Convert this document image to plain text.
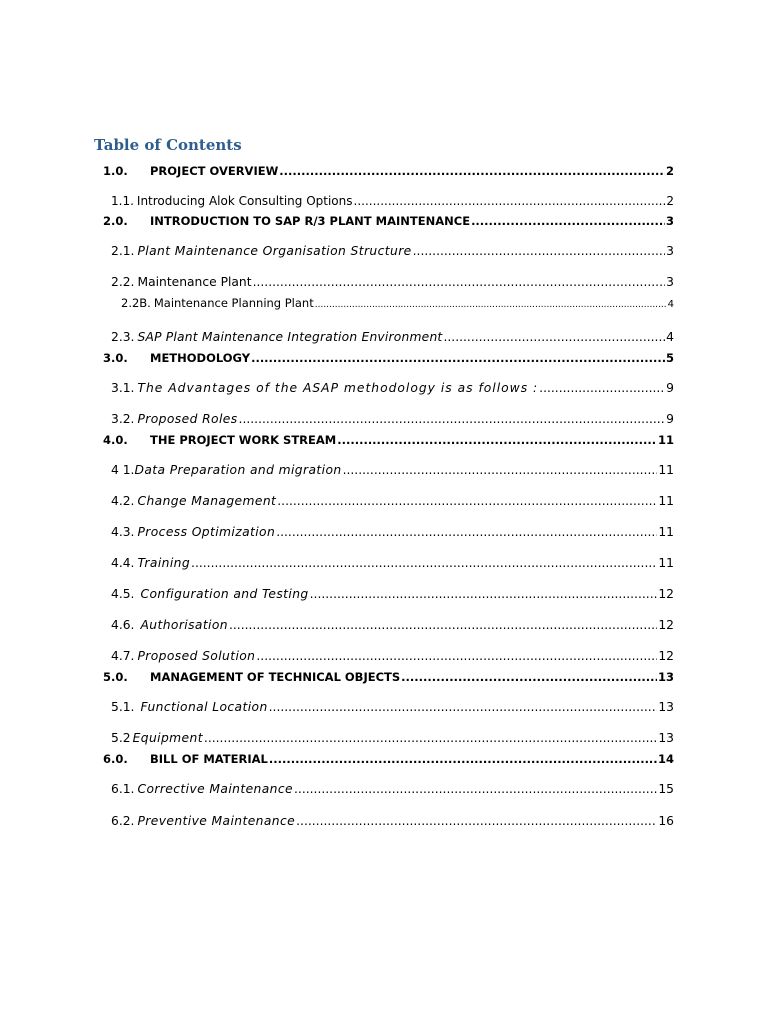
Table of Contents
1.0.	PROJECT OVERVIEW .....	2
1.1. Introducing Alok Consulting Options .....	2
2.0.	INTRODUCTION TO SAP R/3 PLANT MAINTENANCE .....	3
2.1. Plant Maintenance Organisation Structure .....	3
2.2. Maintenance Plant .....	3
2.2B. Maintenance Planning Plant .....	4
2.3. SAP Plant Maintenance Integration Environment .....	4
3.0.	METHODOLOGY .....	5
3.1. The Advantages of the ASAP methodology is as follows : .....	9
3.2. Proposed Roles .....	9
4.0.	THE PROJECT WORK STREAM .....	11
4 1. Data Preparation and migration .....	11
4.2. Change Management .....	11
4.3. Process Optimization .....	11
4.4. Training .....	11
4.5. Configuration and Testing .....	12
4.6. Authorisation .....	12
4.7. Proposed Solution .....	12
5.0.	MANAGEMENT OF TECHNICAL OBJECTS .....	13
5.1. Functional Location .....	13
5.2 Equipment .....	13
6.0.	BILL OF MATERIAL .....	14
6.1. Corrective Maintenance .....	15
6.2. Preventive Maintenance .....	16
